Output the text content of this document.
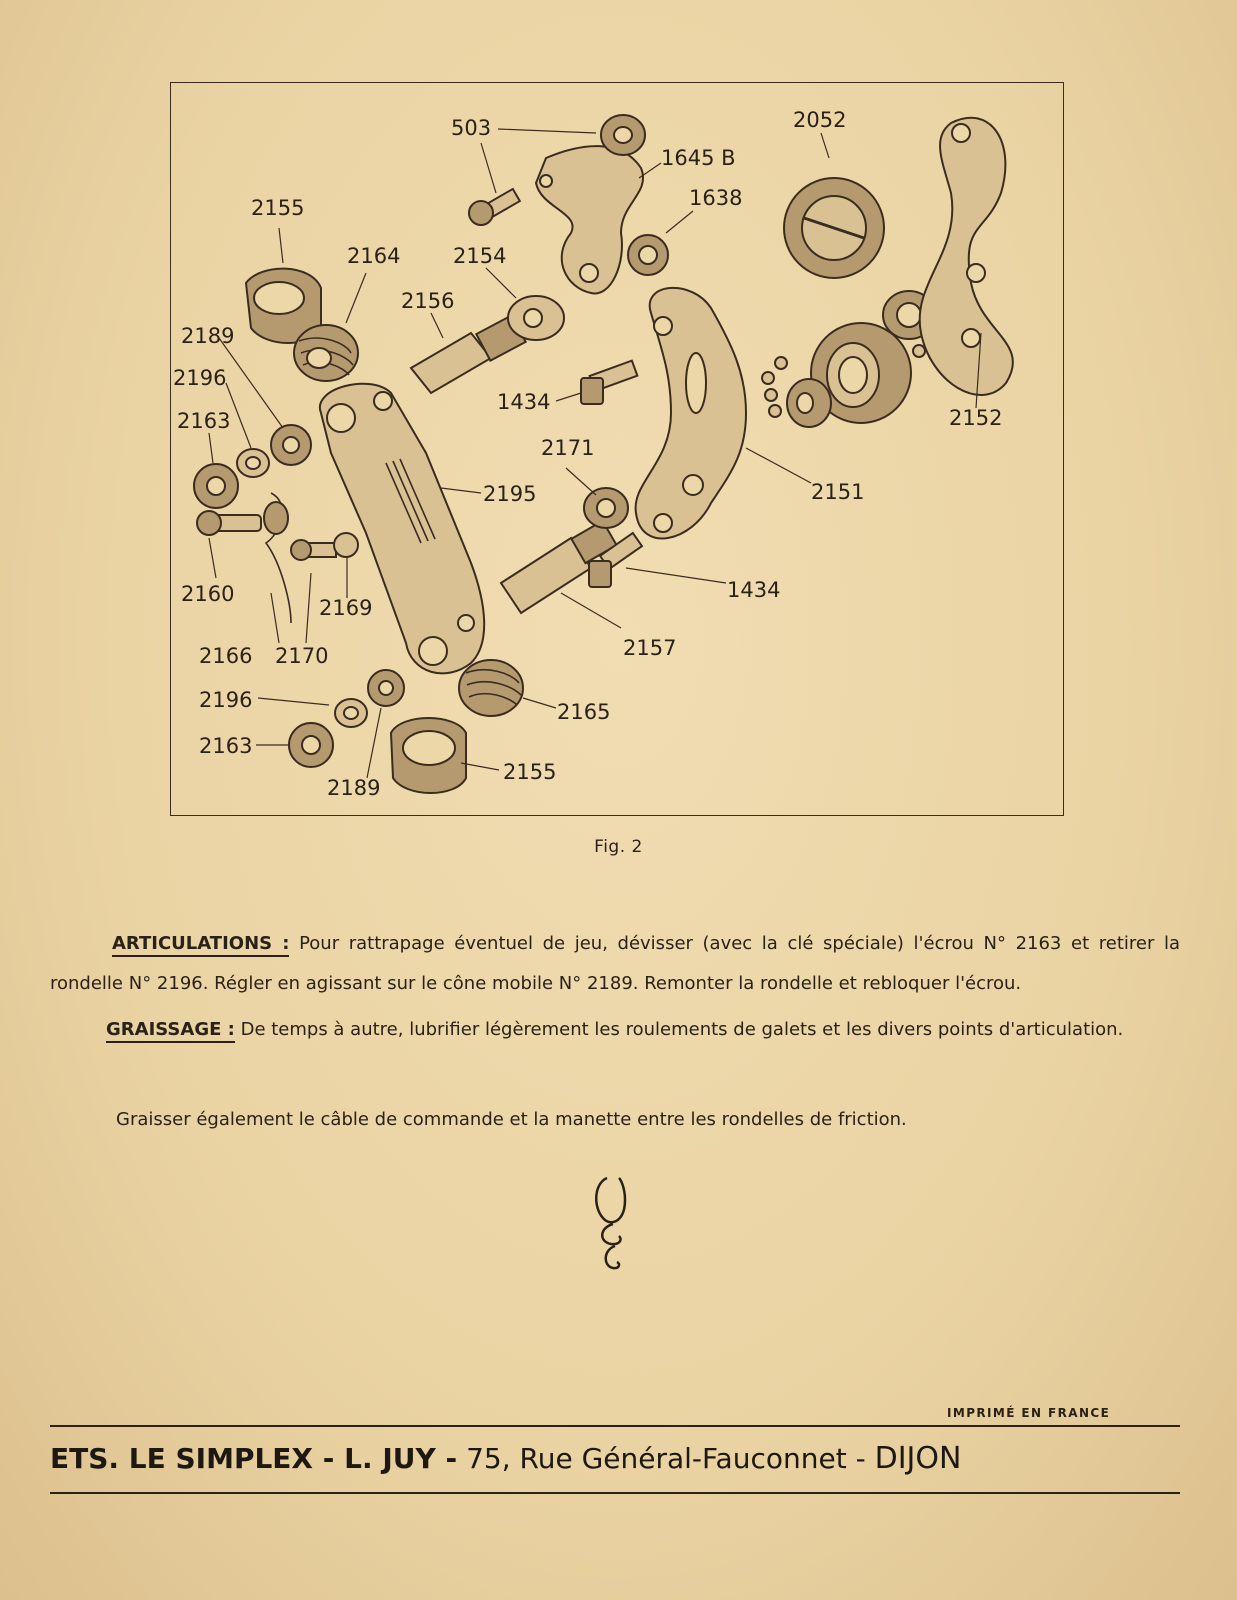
503
1645 B
2052
1638
2155
2164	2154
2156
2189
2196
2163
1434
2171
2195
2152
2151
2160
2169
1434
2166 2170	2157
2196	2165
2163
2155
2189
Fig. 2
ARTICULATIONS : Pour rattrapage éventuel de jeu, dévisser (avec la clé spéciale) l'écrou N° 2163 et retirer la rondelle N° 2196. Régler en agissant sur le cône mobile N° 2189. Remonter la rondelle et rebloquer l'écrou.
GRAISSAGE : De temps à autre, lubrifier légèrement les roulements de galets et les divers points d'articulation.
Graisser également le câble de commande et la manette entre les rondelles de friction.
IMPRIMÉ EN FRANCE
ETS. LE SIMPLEX - L. JUY - 75, Rue Général-Fauconnet - DIJON
